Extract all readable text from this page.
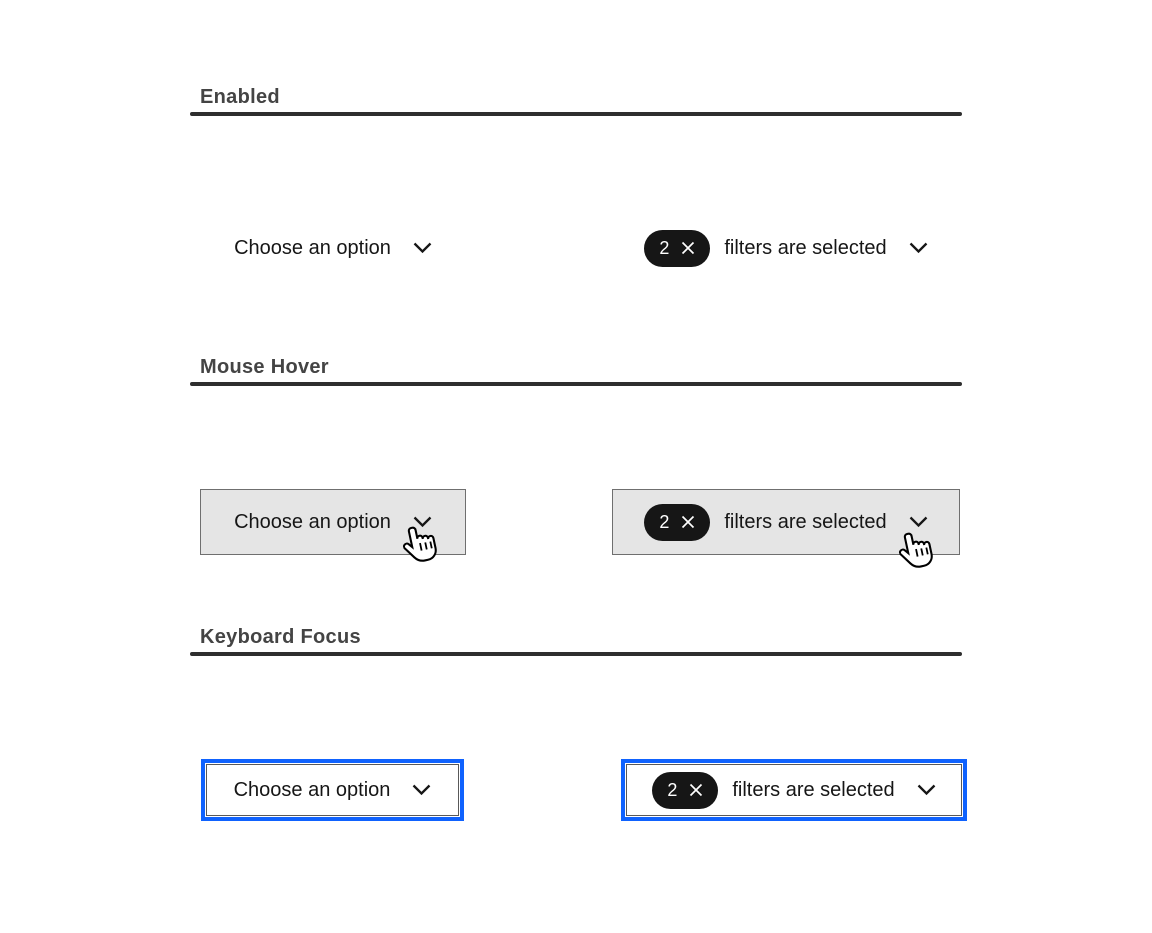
Enabled
Choose an option	2	filters are selected
Mouse Hover
Choose an option	2	filters are selected
Keyboard Focus
Choose an option	2	filters are selected
